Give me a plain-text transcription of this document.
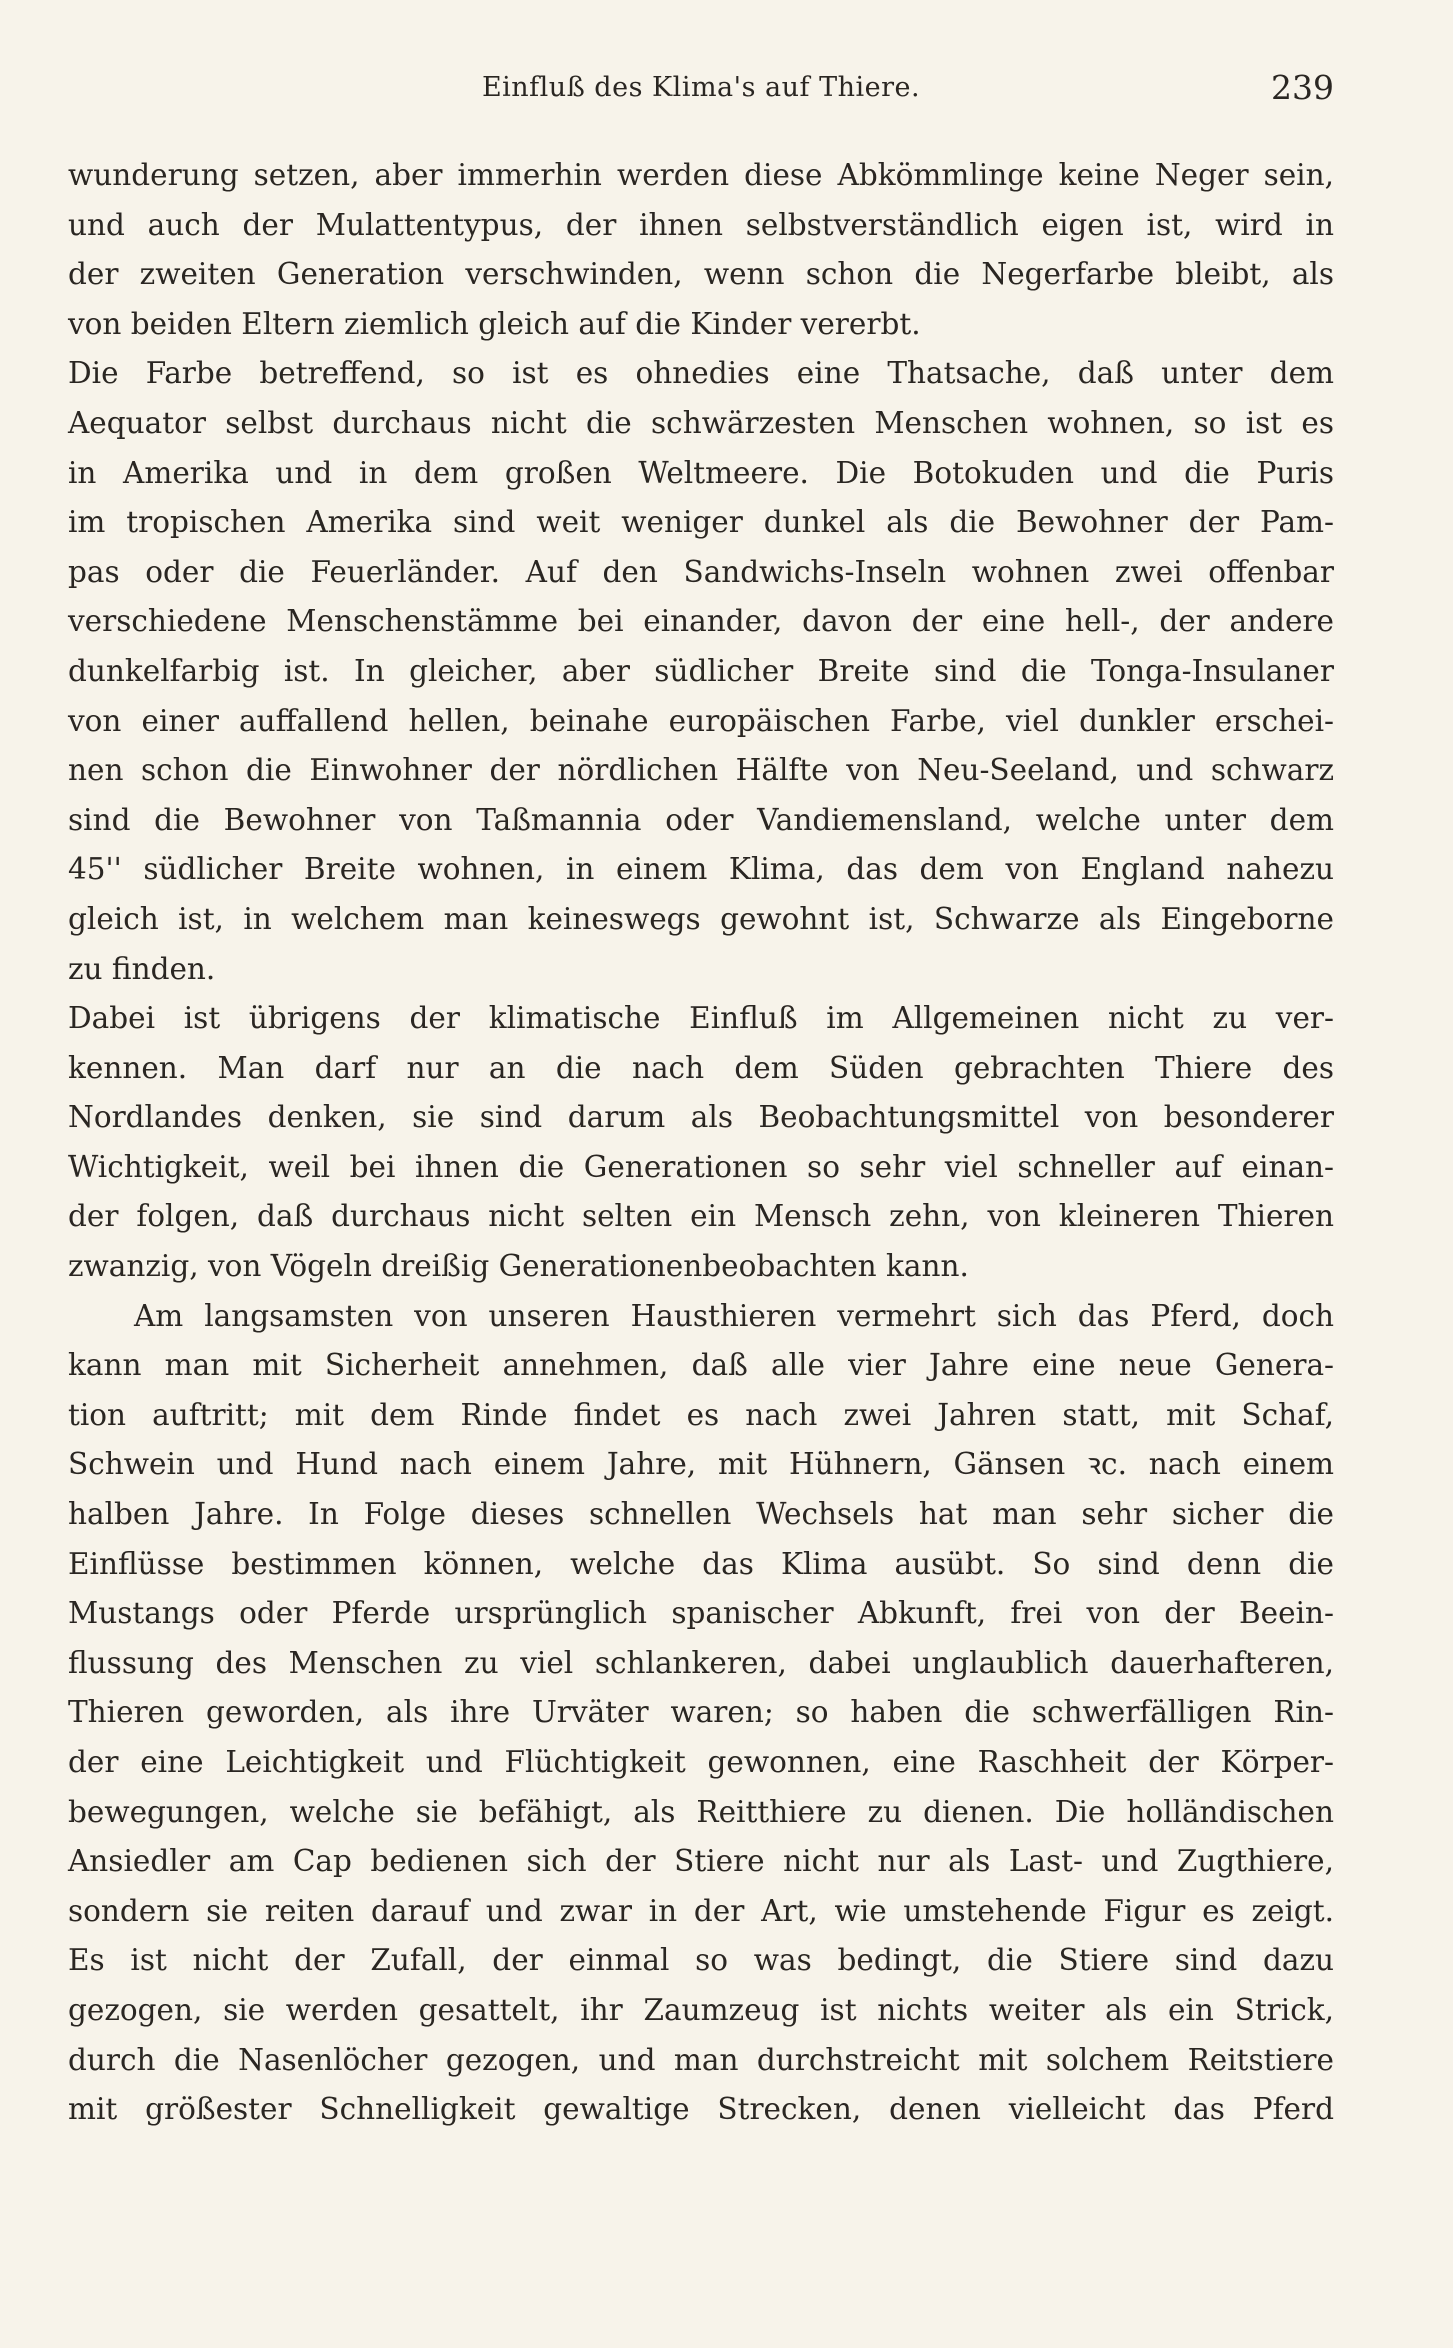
Einfluß des Klima's auf Thiere.	239
wunderung setzen, aber immerhin werden diese Abkömmlinge keine Neger sein,
und auch der Mulattentypus, der ihnen selbstverständlich eigen ist, wird in
der zweiten Generation verschwinden, wenn schon die Negerfarbe bleibt, als
von beiden Eltern ziemlich gleich auf die Kinder vererbt.
Die Farbe betreffend, so ist es ohnedies eine Thatsache, daß unter dem
Aequator selbst durchaus nicht die schwärzesten Menschen wohnen, so ist es
in Amerika und in dem großen Weltmeere. Die Botokuden und die Puris
im tropischen Amerika sind weit weniger dunkel als die Bewohner der Pam-
pas oder die Feuerländer. Auf den Sandwichs-Inseln wohnen zwei offenbar
verschiedene Menschenstämme bei einander, davon der eine hell-, der andere
dunkelfarbig ist. In gleicher, aber südlicher Breite sind die Tonga-Insulaner
von einer auffallend hellen, beinahe europäischen Farbe, viel dunkler erschei-
nen schon die Einwohner der nördlichen Hälfte von Neu-Seeland, und schwarz
sind die Bewohner von Taßmannia oder Vandiemensland, welche unter dem
45'' südlicher Breite wohnen, in einem Klima, das dem von England nahezu
gleich ist, in welchem man keineswegs gewohnt ist, Schwarze als Eingeborne
zu finden.
Dabei ist übrigens der klimatische Einfluß im Allgemeinen nicht zu ver-
kennen. Man darf nur an die nach dem Süden gebrachten Thiere des
Nordlandes denken, sie sind darum als Beobachtungsmittel von besonderer
Wichtigkeit, weil bei ihnen die Generationen so sehr viel schneller auf einan-
der folgen, daß durchaus nicht selten ein Mensch zehn, von kleineren Thieren
zwanzig, von Vögeln dreißig Generationenbeobachten kann.
Am langsamsten von unseren Hausthieren vermehrt sich das Pferd, doch
kann man mit Sicherheit annehmen, daß alle vier Jahre eine neue Genera-
tion auftritt; mit dem Rinde findet es nach zwei Jahren statt, mit Schaf,
Schwein und Hund nach einem Jahre, mit Hühnern, Gänsen ꝛc. nach einem
halben Jahre. In Folge dieses schnellen Wechsels hat man sehr sicher die
Einflüsse bestimmen können, welche das Klima ausübt. So sind denn die
Mustangs oder Pferde ursprünglich spanischer Abkunft, frei von der Beein-
flussung des Menschen zu viel schlankeren, dabei unglaublich dauerhafteren,
Thieren geworden, als ihre Urväter waren; so haben die schwerfälligen Rin-
der eine Leichtigkeit und Flüchtigkeit gewonnen, eine Raschheit der Körper-
bewegungen, welche sie befähigt, als Reitthiere zu dienen. Die holländischen
Ansiedler am Cap bedienen sich der Stiere nicht nur als Last- und Zugthiere,
sondern sie reiten darauf und zwar in der Art, wie umstehende Figur es zeigt.
Es ist nicht der Zufall, der einmal so was bedingt, die Stiere sind dazu
gezogen, sie werden gesattelt, ihr Zaumzeug ist nichts weiter als ein Strick,
durch die Nasenlöcher gezogen, und man durchstreicht mit solchem Reitstiere
mit größester Schnelligkeit gewaltige Strecken, denen vielleicht das Pferd
